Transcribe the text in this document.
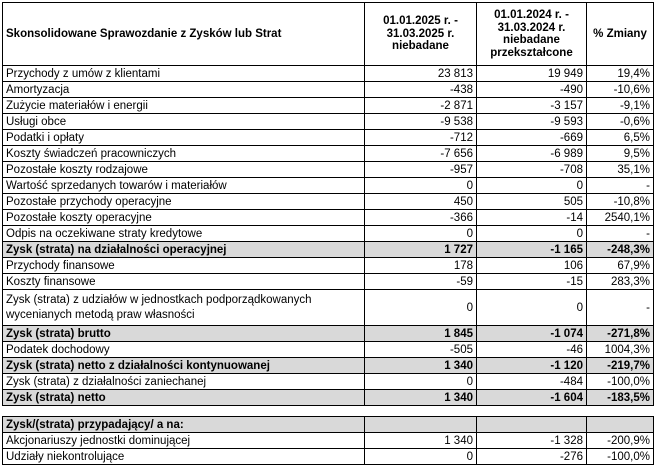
Skonsolidowane Sprawozdanie z Zysków lub Strat	01.01.2025 r. - 31.03.2025 r. niebadane	01.01.2024 r. - 31.03.2024 r. niebadane przekształcone	% Zmiany
Przychody z umów z klientami	23 813	19 949	19,4%
Amortyzacja	-438	-490	-10,6%
Zużycie materiałów i energii	-2 871	-3 157	-9,1%
Usługi obce	-9 538	-9 593	-0,6%
Podatki i opłaty	-712	-669	6,5%
Koszty świadczeń pracowniczych	-7 656	-6 989	9,5%
Pozostałe koszty rodzajowe	-957	-708	35,1%
Wartość sprzedanych towarów i materiałów	0	0	-
Pozostałe przychody operacyjne	450	505	-10,8%
Pozostałe koszty operacyjne	-366	-14	2540,1%
Odpis na oczekiwane straty kredytowe	0	0	-
Zysk (strata) na działalności operacyjnej	1 727	-1 165	-248,3%
Przychody finansowe	178	106	67,9%
Koszty finansowe	-59	-15	283,3%
Zysk (strata) z udziałów w jednostkach podporządkowanych wycenianych metodą praw własności	0	0	-
Zysk (strata) brutto	1 845	-1 074	-271,8%
Podatek dochodowy	-505	-46	1004,3%
Zysk (strata) netto z działalności kontynuowanej	1 340	-1 120	-219,7%
Zysk (strata) z działalności zaniechanej	0	-484	-100,0%
Zysk (strata) netto	1 340	-1 604	-183,5%
Zysk/(strata) przypadający/ a na:			
Akcjonariuszy jednostki dominującej	1 340	-1 328	-200,9%
Udziały niekontrolujące	0	-276	-100,0%
